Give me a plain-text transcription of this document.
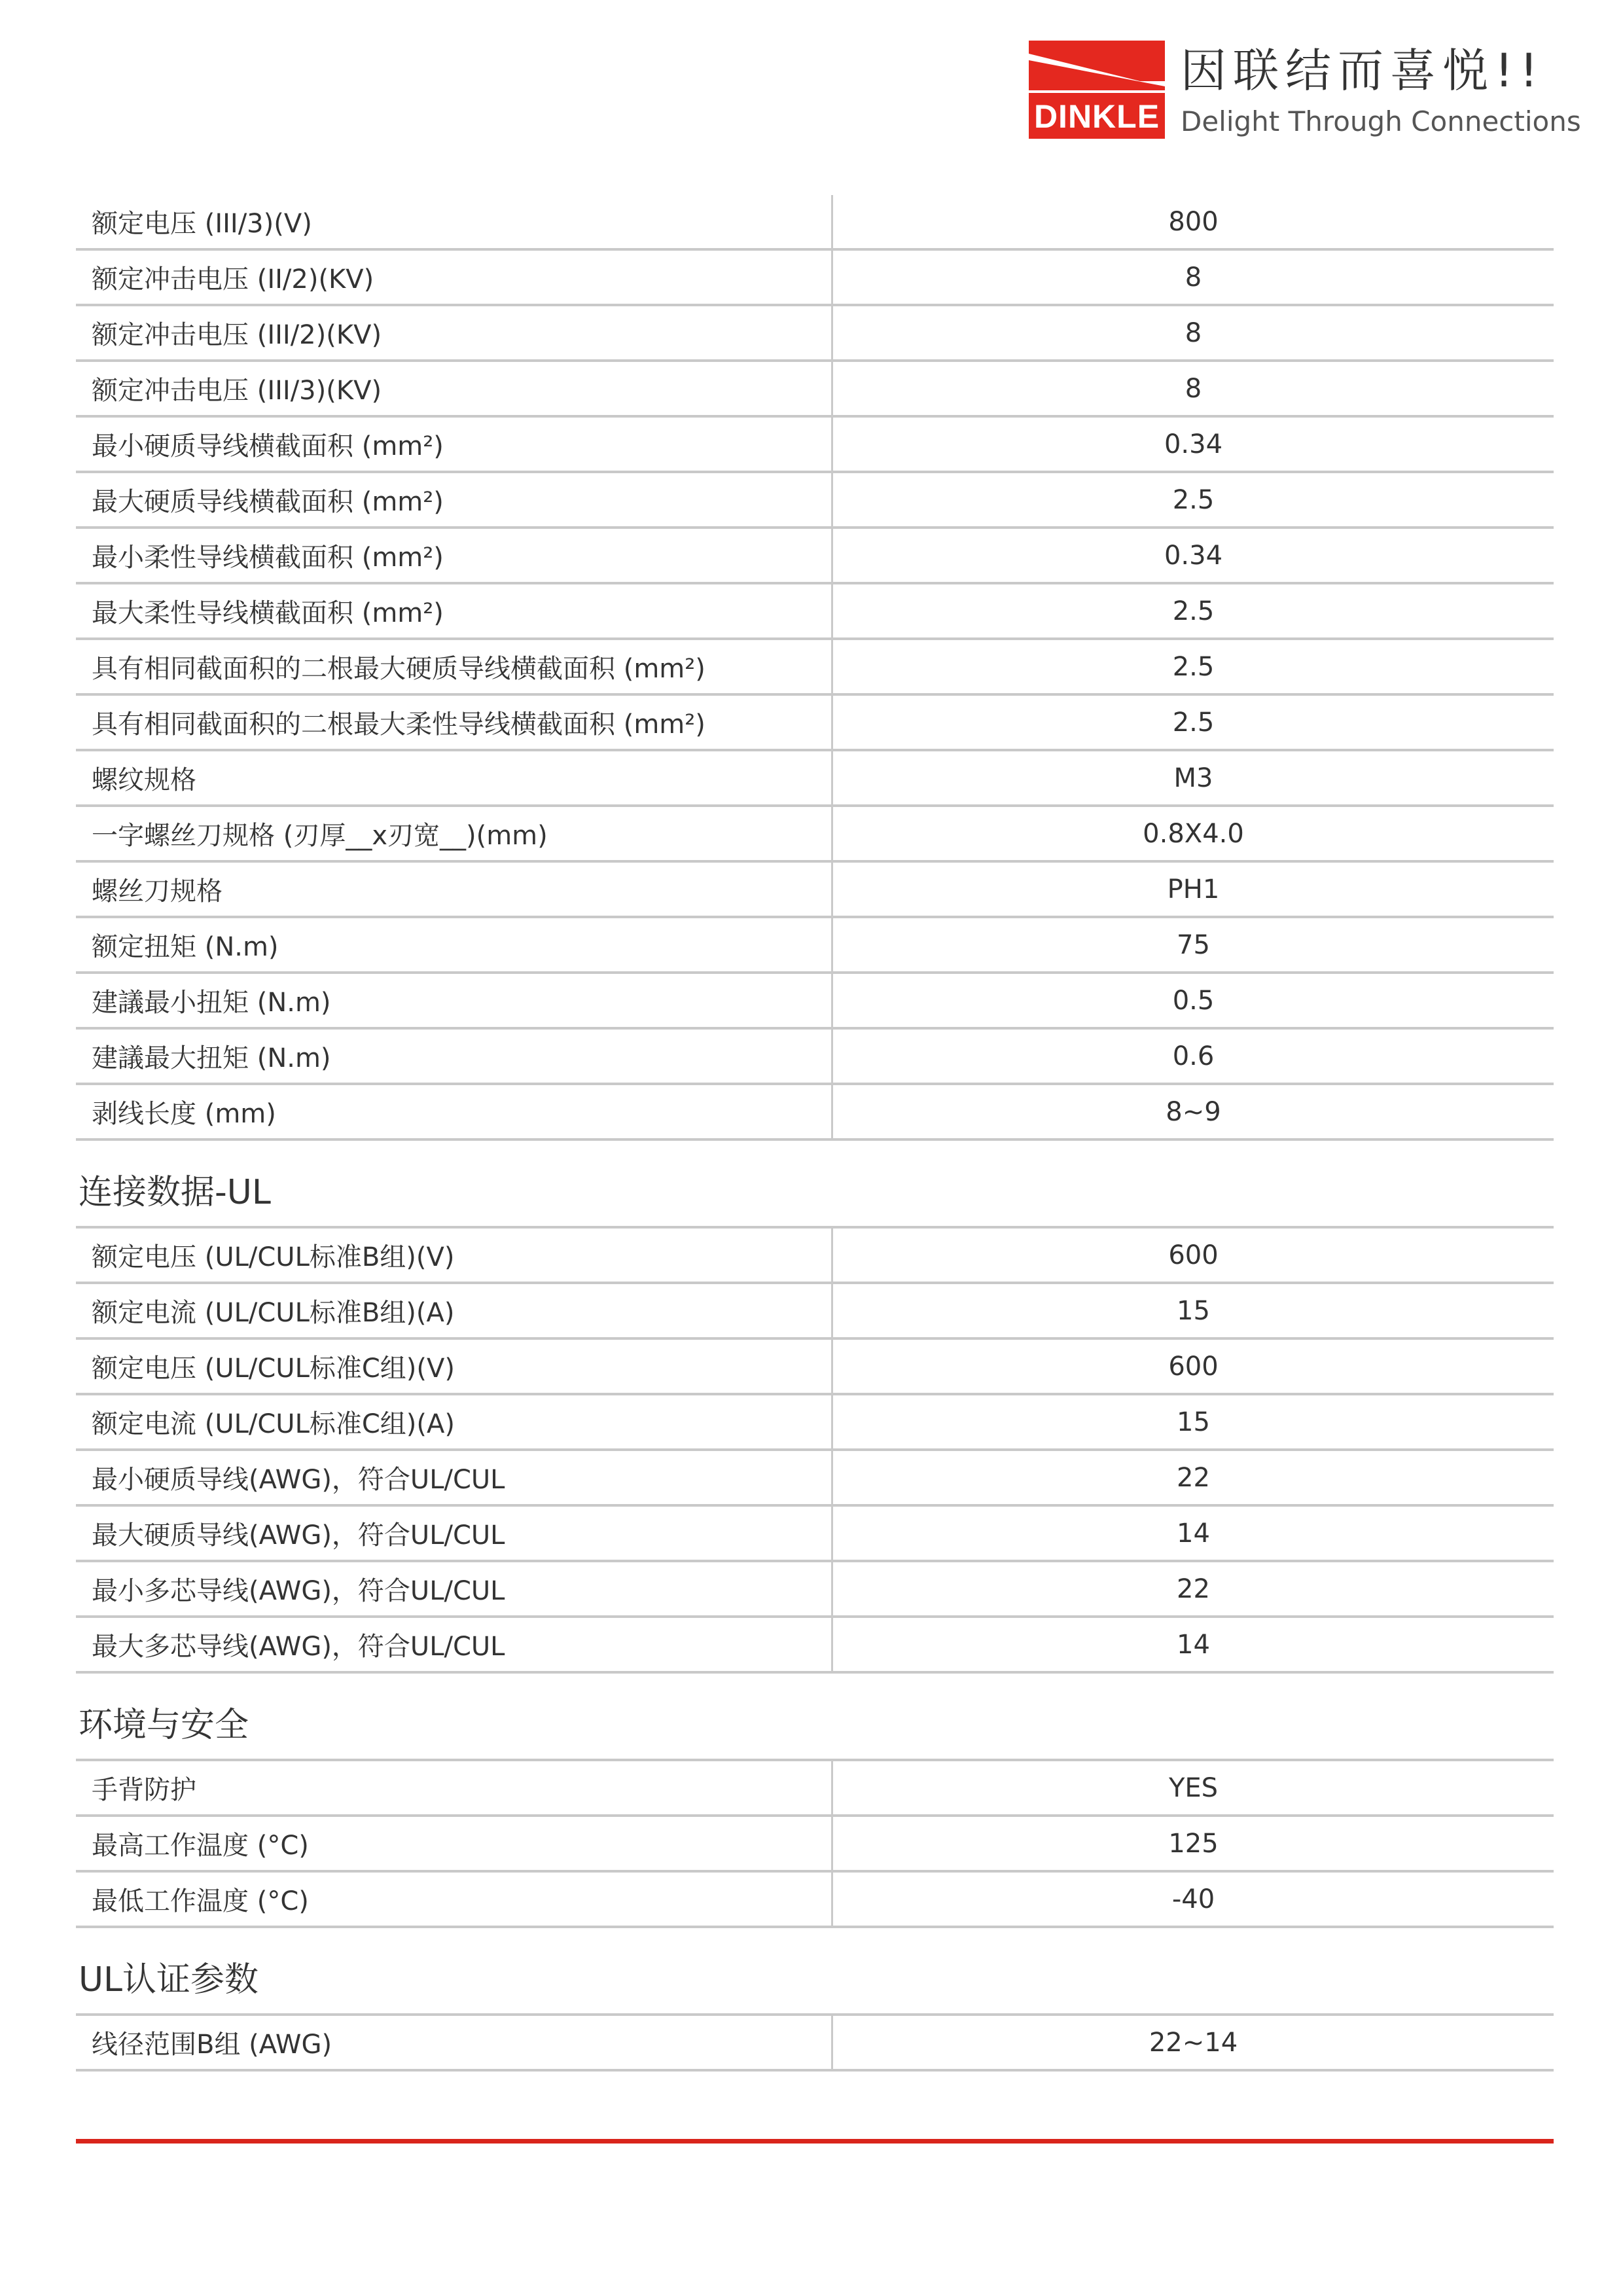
DINKLE
因联结而喜悦!!
Delight Through Connections
额定电压 (III/3)(V)	800
额定冲击电压 (II/2)(KV)	8
额定冲击电压 (III/2)(KV)	8
额定冲击电压 (III/3)(KV)	8
最小硬质导线横截面积 (mm²)	0.34
最大硬质导线横截面积 (mm²)	2.5
最小柔性导线横截面积 (mm²)	0.34
最大柔性导线横截面积 (mm²)	2.5
具有相同截面积的二根最大硬质导线横截面积 (mm²)	2.5
具有相同截面积的二根最大柔性导线横截面积 (mm²)	2.5
螺纹规格	M3
一字螺丝刀规格 (刃厚__x刃宽__)(mm)	0.8X4.0
螺丝刀规格	PH1
额定扭矩 (N.m)	75
建議最小扭矩 (N.m)	0.5
建議最大扭矩 (N.m)	0.6
剥线长度 (mm)	8~9
连接数据-UL
额定电压 (UL/CUL标准B组)(V)	600
额定电流 (UL/CUL标准B组)(A)	15
额定电压 (UL/CUL标准C组)(V)	600
额定电流 (UL/CUL标准C组)(A)	15
最小硬质导线(AWG)，符合UL/CUL	22
最大硬质导线(AWG)，符合UL/CUL	14
最小多芯导线(AWG)，符合UL/CUL	22
最大多芯导线(AWG)，符合UL/CUL	14
环境与安全
手背防护	YES
最高工作温度 (°C)	125
最低工作温度 (°C)	-40
UL认证参数
线径范围B组 (AWG)	22~14
